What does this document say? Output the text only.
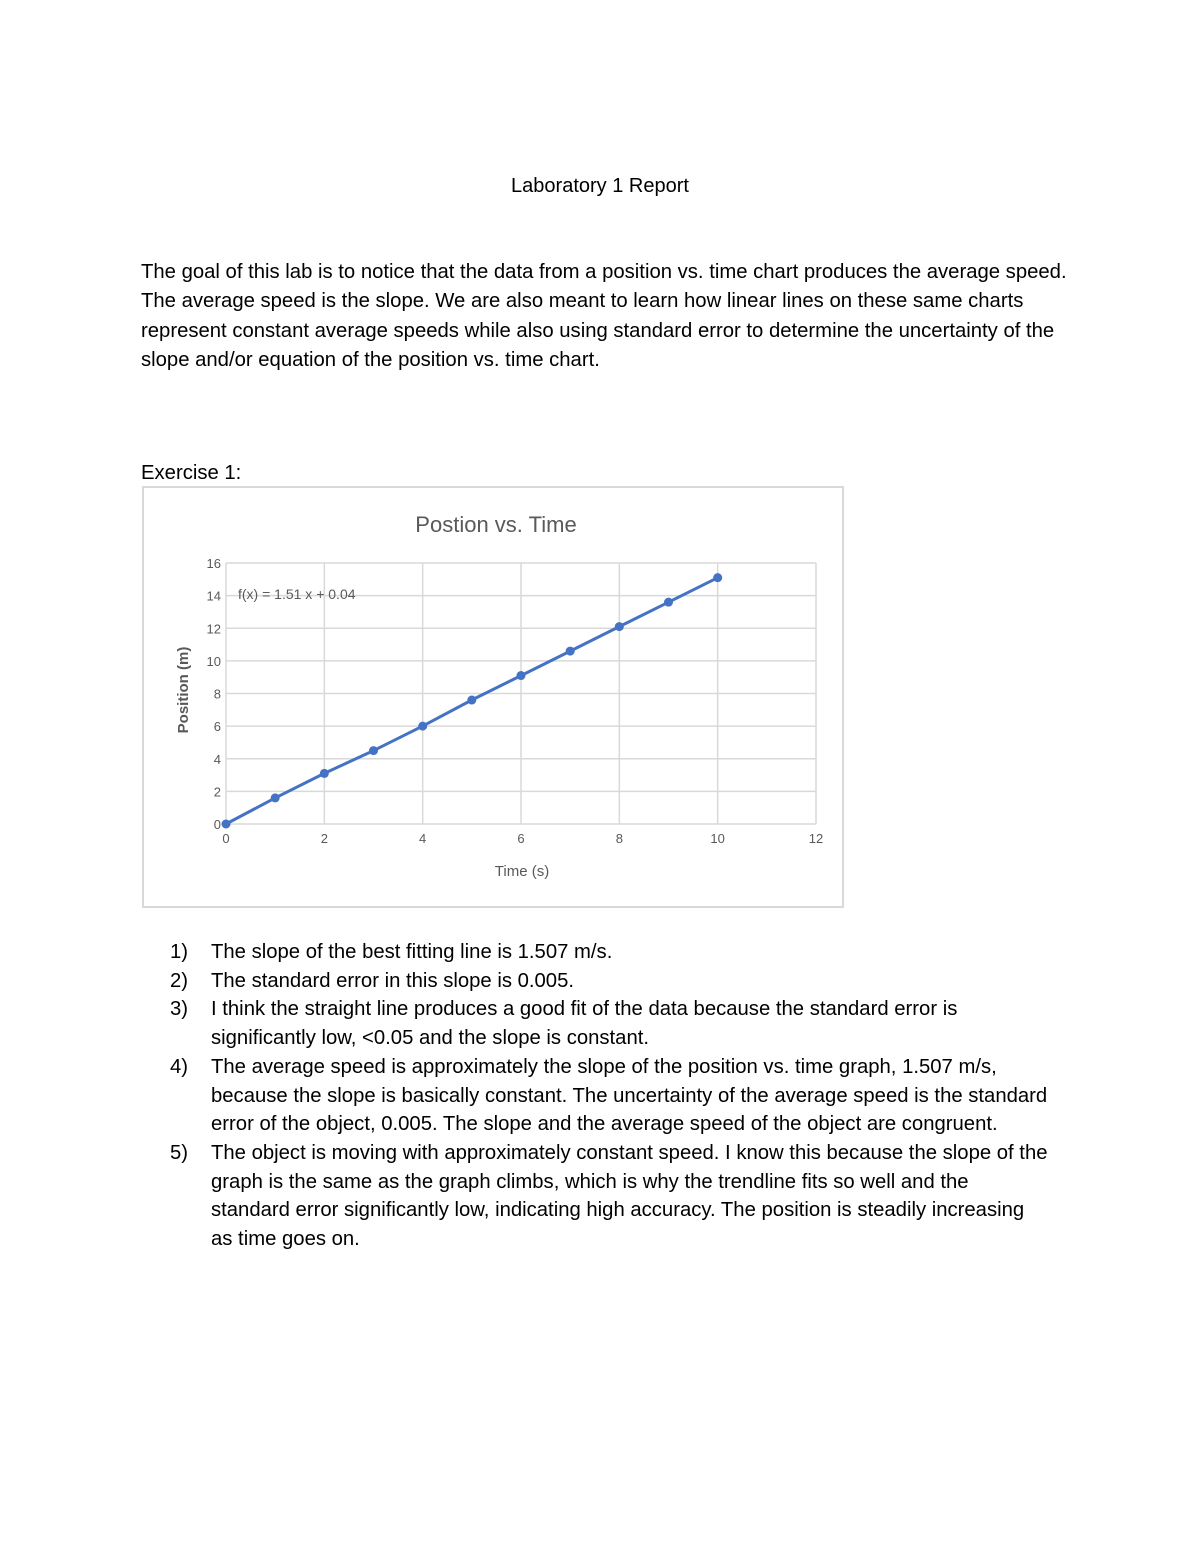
Laboratory 1 Report

The goal of this lab is to notice that the data from a position vs. time chart produces the average speed. The average speed is the slope. We are also meant to learn how linear lines on these same charts represent constant average speeds while also using standard error to determine the uncertainty of the slope and/or equation of the position vs. time chart.

Exercise 1:
Postion vs. Time
0	2	4	6	8	10	12
0
2
4
6
8
10
12
14
16
Time (s)
Position (m)
f(x) = 1.51 x + 0.04
1) The slope of the best fitting line is 1.507 m/s.
2) The standard error in this slope is 0.005.
3) I think the straight line produces a good fit of the data because the standard error is significantly low, <0.05 and the slope is constant.
4) The average speed is approximately the slope of the position vs. time graph, 1.507 m/s, because the slope is basically constant. The uncertainty of the average speed is the standard error of the object, 0.005. The slope and the average speed of the object are congruent.
5) The object is moving with approximately constant speed. I know this because the slope of the graph is the same as the graph climbs, which is why the trendline fits so well and the standard error significantly low, indicating high accuracy. The position is steadily increasing as time goes on.
